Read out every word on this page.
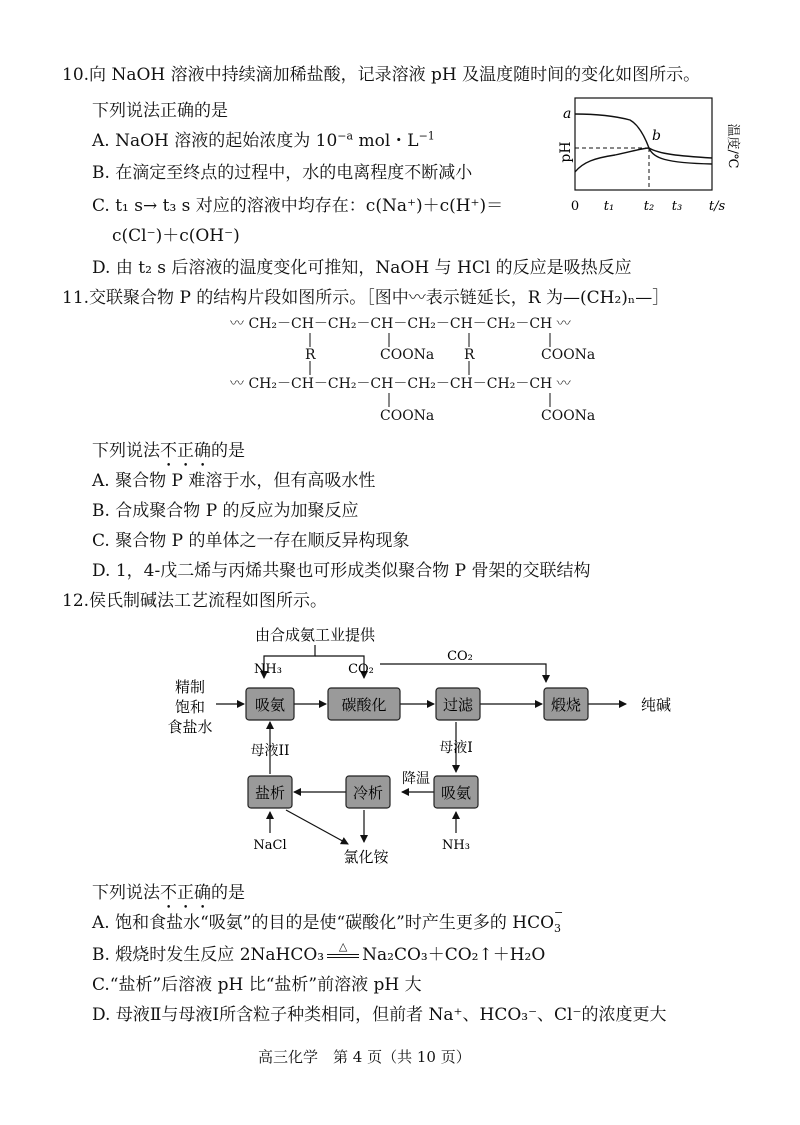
10.向 NaOH 溶液中持续滴加稀盐酸，记录溶液 pH 及温度随时间的变化如图所示。
下列说法正确的是
A. NaOH 溶液的起始浓度为 $10^{-a}$ mol・$L^{-1}$
B. 在滴定至终点的过程中，水的电离程度不断减小
C. t₁ s→ t₃ s 对应的溶液中均存在：c(Na⁺)＋c(H⁺)＝
c(Cl⁻)＋c(OH⁻)
D. 由 t₂ s 后溶液的温度变化可推知，NaOH 与 HCl 的反应是吸热反应
a
b
pH	温度/℃
0 t₁ t₂ t₃ t/s
11.交联聚合物 P 的结构片段如图所示。［图中〰表示链延长，R 为—(CH₂)ₙ—］
〰 CH₂－CH－CH₂－CH－CH₂－CH－CH₂－CH 〰
〰 CH₂－CH－CH₂－CH－CH₂－CH－CH₂－CH 〰
R	COONa R	COONa
COONa	COONa
下列说法不正确的是
A. 聚合物 P 难溶于水，但有高吸水性
B. 合成聚合物 P 的反应为加聚反应
C. 聚合物 P 的单体之一存在顺反异构现象
D. 1，4-戊二烯与丙烯共聚也可形成类似聚合物 P 骨架的交联结构
12.侯氏制碱法工艺流程如图所示。
吸氨	碳酸化	过滤	煅烧
盐析	冷析	吸氨
由合成氨工业提供
NH₃	CO₂
CO₂
精制
饱和
食盐水
纯碱
母液II	母液I
降温
NaCl	NH₃
氯化铵
下列说法不正确的是
A. 饱和食盐水“吸氨”的目的是使“碳酸化”时产生更多的 HCO
−
3

B. 煅烧时发生反应 2NaHCO₃	△ Na₂CO₃＋CO₂↑＋H₂O
C.“盐析”后溶液 pH 比“盐析”前溶液 pH 大
D. 母液Ⅱ与母液Ⅰ所含粒子种类相同，但前者 Na⁺、HCO₃⁻、Cl⁻的浓度更大
高三化学　第 4 页（共 10 页）
